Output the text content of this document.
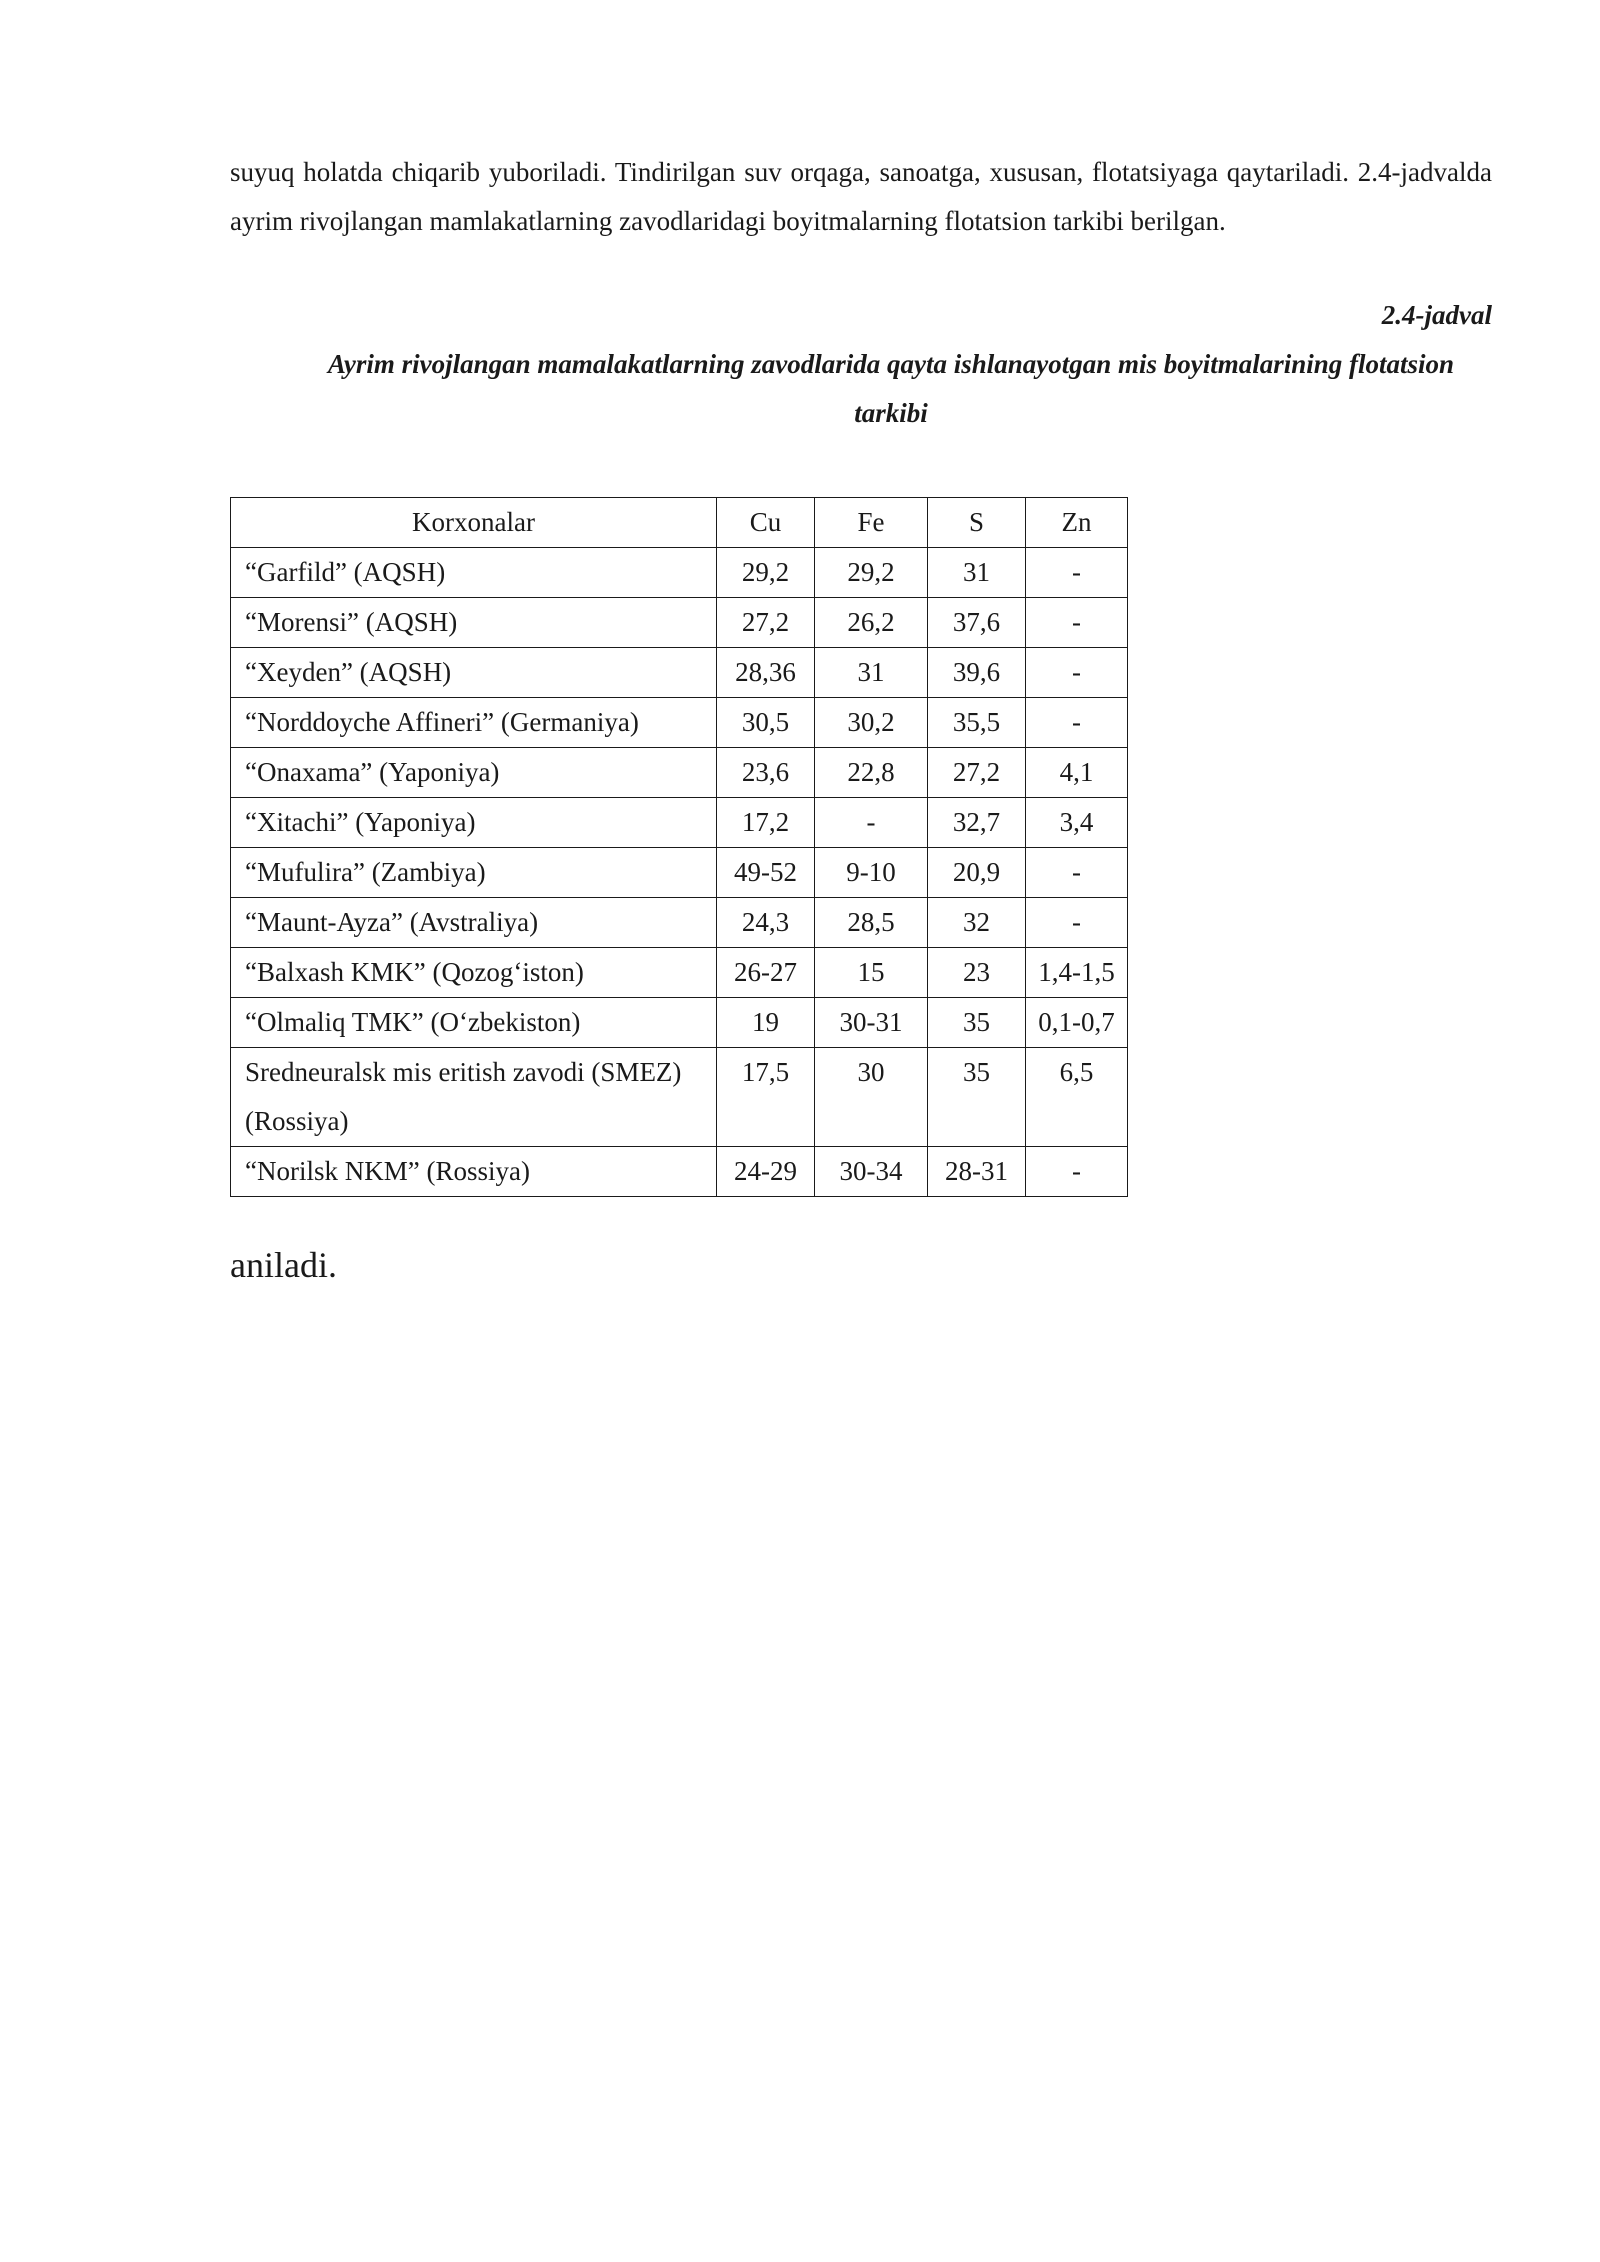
suyuq holatda chiqarib yuboriladi. Tindirilgan suv orqaga, sanoatga, xususan, flotatsiyaga qaytariladi. 2.4-jadvalda ayrim rivojlangan mamlakatlarning zavodlaridagi boyitmalarning flotatsion tarkibi berilgan.

2.4-jadval

Ayrim rivojlangan mamalakatlarning zavodlarida qayta ishlanayotgan mis boyitmalarining flotatsion tarkibi

Korxonalar	Cu	Fe	S	Zn
“Garfild” (AQSH)	29,2	29,2	31	-
“Morensi” (AQSH)	27,2	26,2	37,6	-
“Xeyden” (AQSH)	28,36	31	39,6	-
“Norddoyche Affineri” (Germaniya)	30,5	30,2	35,5	-
“Onaxama” (Yaponiya)	23,6	22,8	27,2	4,1
“Xitachi” (Yaponiya)	17,2	-	32,7	3,4
“Mufulira” (Zambiya)	49-52	9-10	20,9	-
“Maunt-Ayza” (Avstraliya)	24,3	28,5	32	-
“Balxash KMK” (Qozog‘iston)	26-27	15	23	1,4-1,5
“Olmaliq TMK” (O‘zbekiston)	19	30-31	35	0,1-0,7
Sredneuralsk mis eritish zavodi (SMEZ) (Rossiya)	17,5	30	35	6,5
“Norilsk NKM” (Rossiya)	24-29	30-34	28-31	-

aniladi.
